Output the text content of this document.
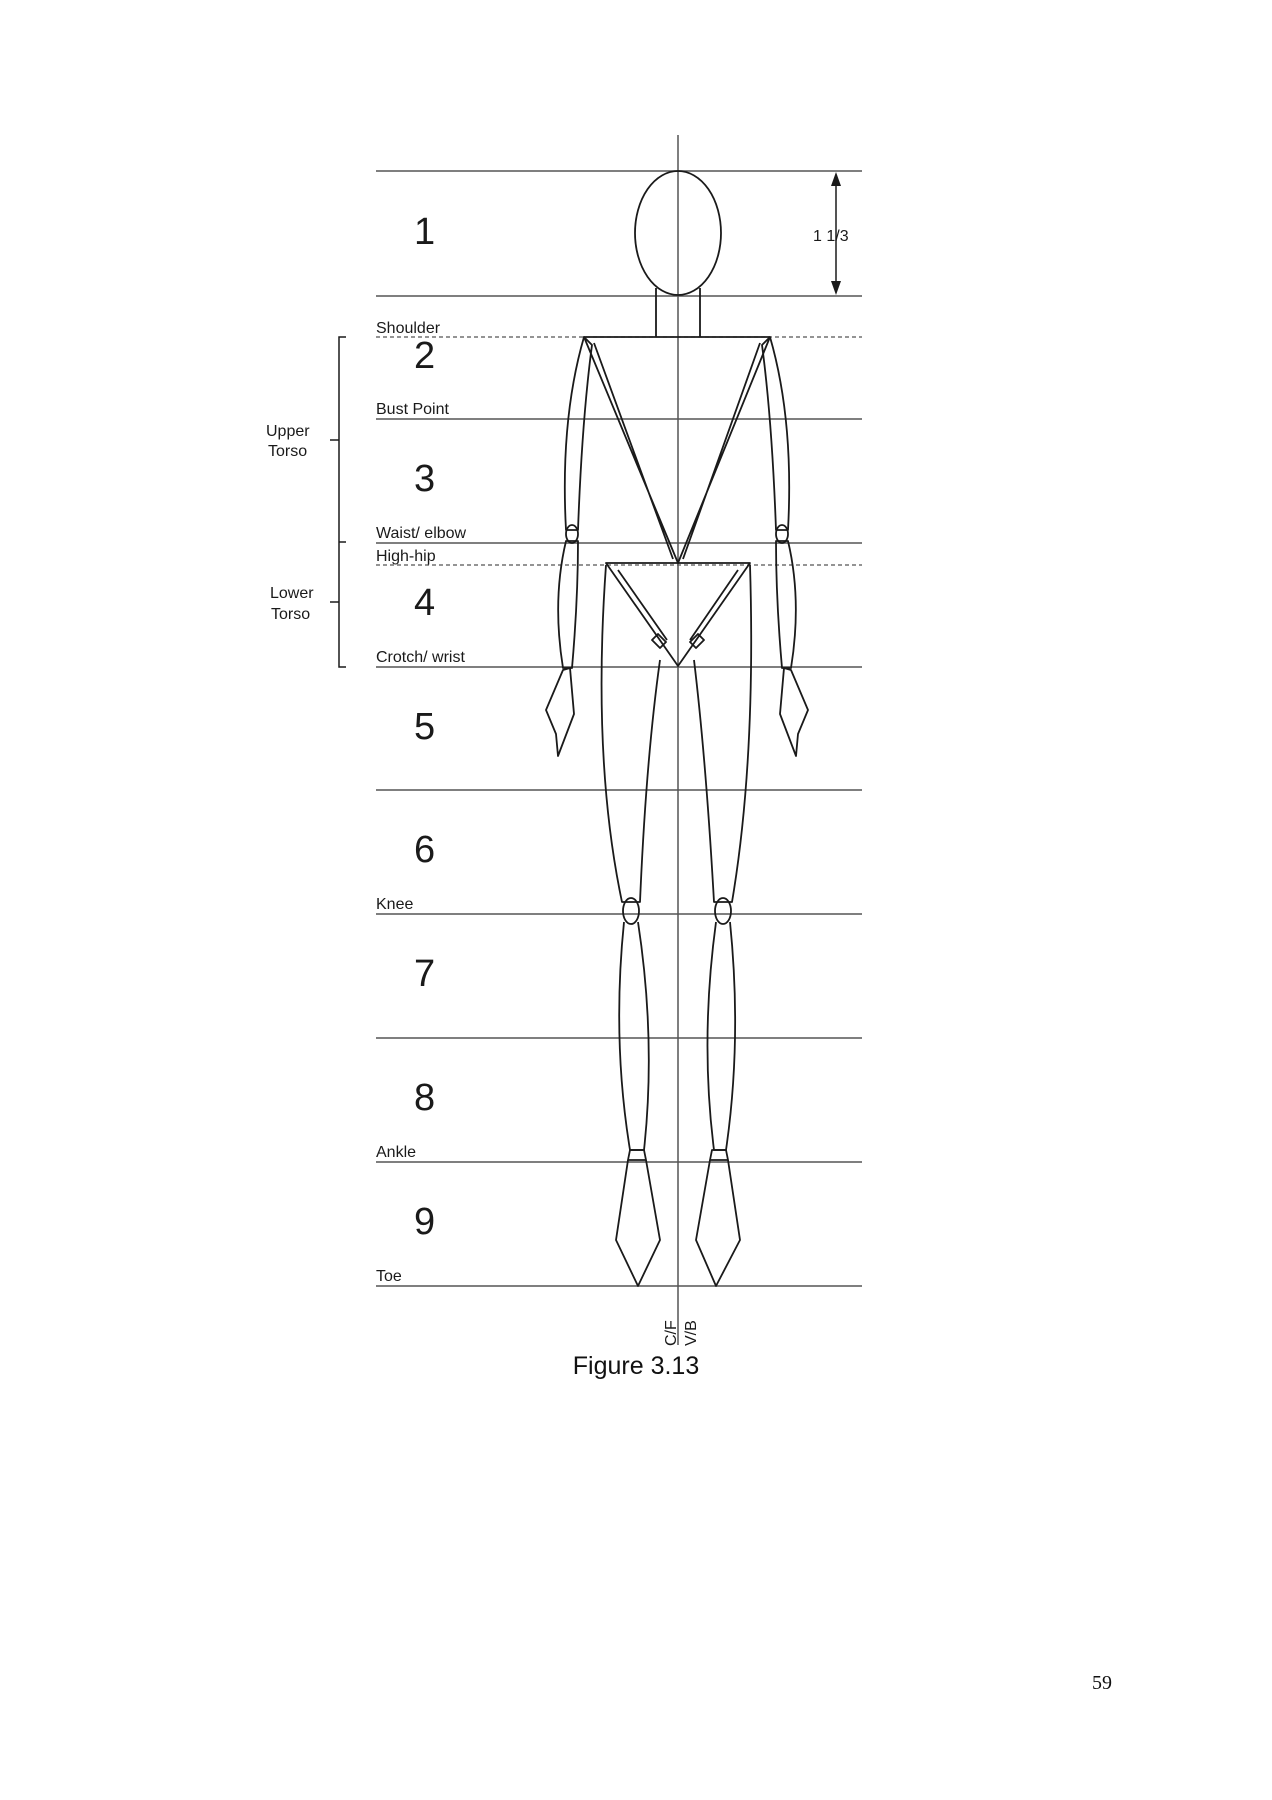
1 1/3
Upper
Torso
Lower
Torso
1
2
3
4
5
6
7
8
9
Shoulder
Bust Point
Waist/ elbow
High-hip
Crotch/ wrist
Knee
Ankle
Toe
C/F V/B
Figure 3.13
59
